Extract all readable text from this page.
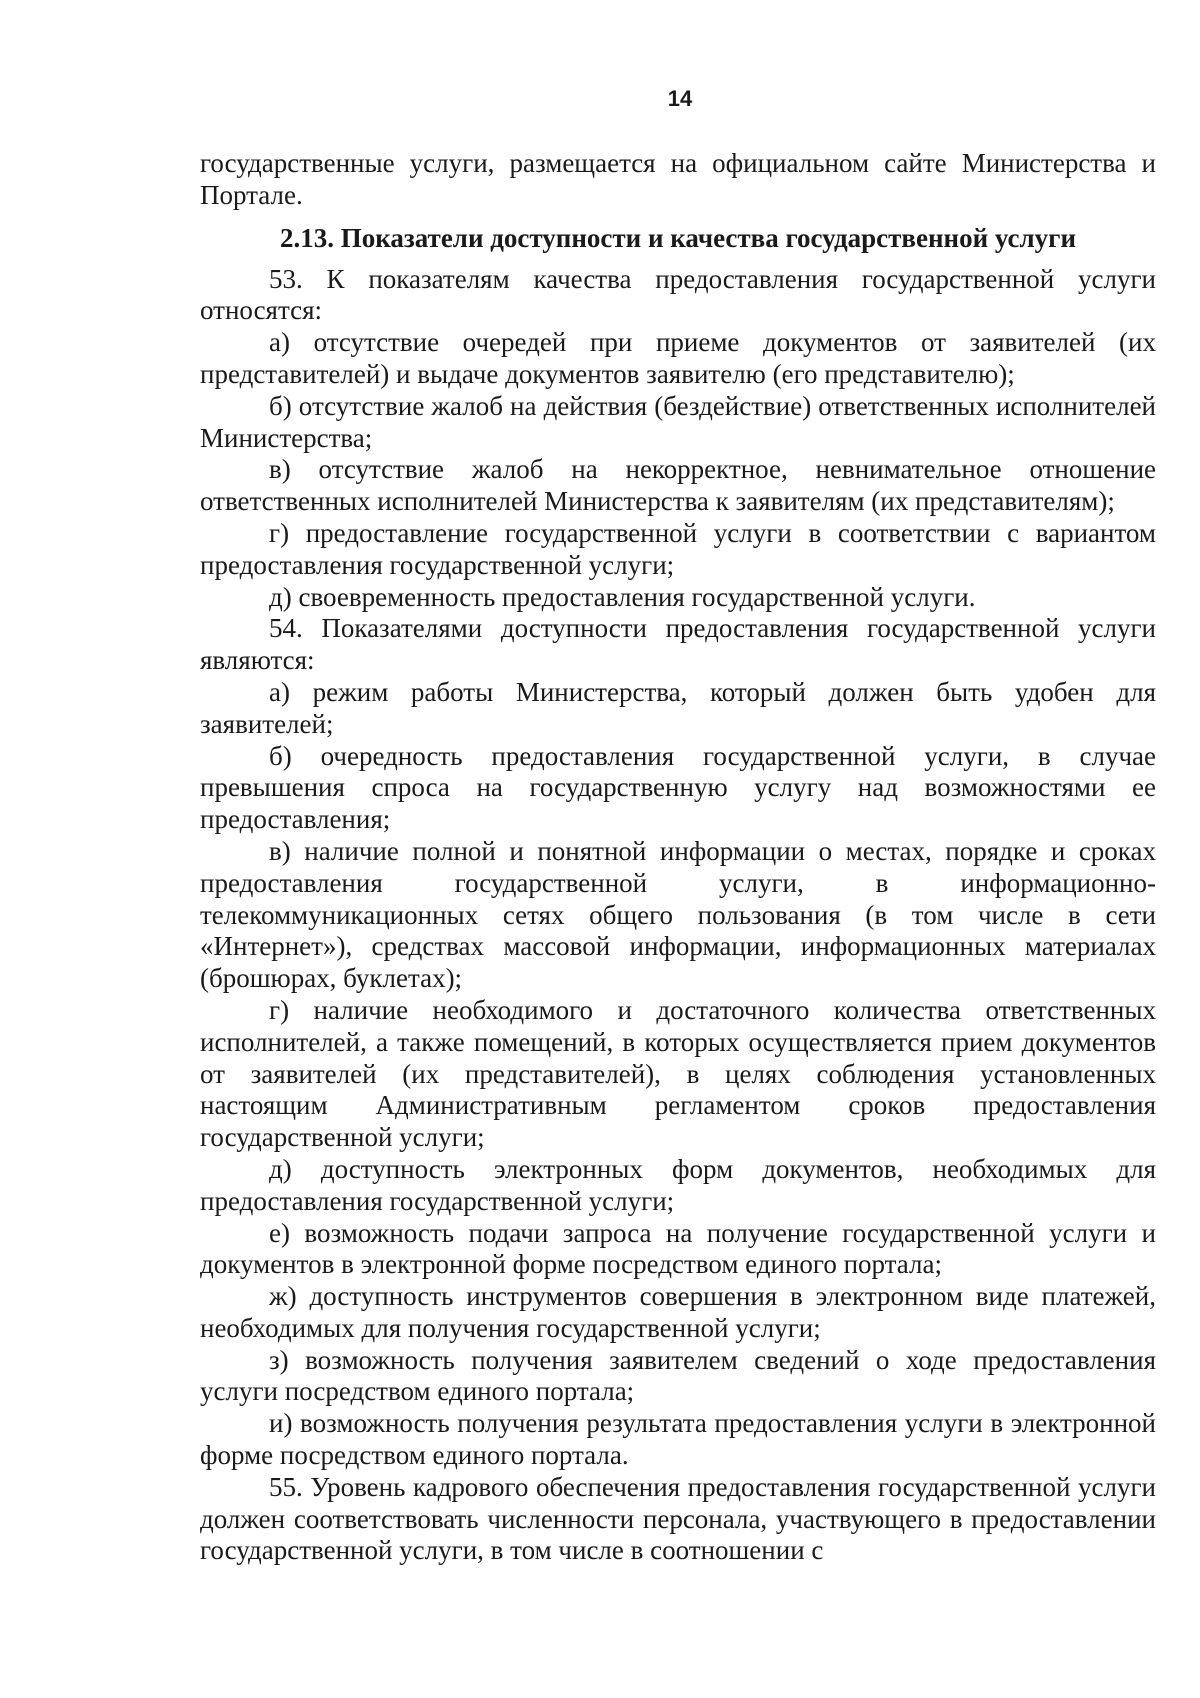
14

государственные услуги, размещается на официальном сайте Министерства и Портале.

2.13. Показатели доступности и качества государственной услуги

53. К показателям качества предоставления государственной услуги относятся:

а) отсутствие очередей при приеме документов от заявителей (их представителей) и выдаче документов заявителю (его представителю);

б) отсутствие жалоб на действия (бездействие) ответственных исполнителей Министерства;

в) отсутствие жалоб на некорректное, невнимательное отношение ответственных исполнителей Министерства к заявителям (их представителям);

г) предоставление государственной услуги в соответствии с вариантом предоставления государственной услуги;

д) своевременность предоставления государственной услуги.

54. Показателями доступности предоставления государственной услуги являются:

а) режим работы Министерства, который должен быть удобен для заявителей;

б) очередность предоставления государственной услуги, в случае превышения спроса на государственную услугу над возможностями ее предоставления;

в) наличие полной и понятной информации о местах, порядке и сроках предоставления государственной услуги, в информационно-телекоммуникационных сетях общего пользования (в том числе в сети «Интернет»), средствах массовой информации, информационных материалах (брошюрах, буклетах);

г) наличие необходимого и достаточного количества ответственных исполнителей, а также помещений, в которых осуществляется прием документов от заявителей (их представителей), в целях соблюдения установленных настоящим Административным регламентом сроков предоставления государственной услуги;

д) доступность электронных форм документов, необходимых для предоставления государственной услуги;

е) возможность подачи запроса на получение государственной услуги и документов в электронной форме посредством единого портала;

ж) доступность инструментов совершения в электронном виде платежей, необходимых для получения государственной услуги;

з) возможность получения заявителем сведений о ходе предоставления услуги посредством единого портала;

и) возможность получения результата предоставления услуги в электронной форме посредством единого портала.

55. Уровень кадрового обеспечения предоставления государственной услуги должен соответствовать численности персонала, участвующего в предоставлении государственной услуги, в том числе в соотношении с
